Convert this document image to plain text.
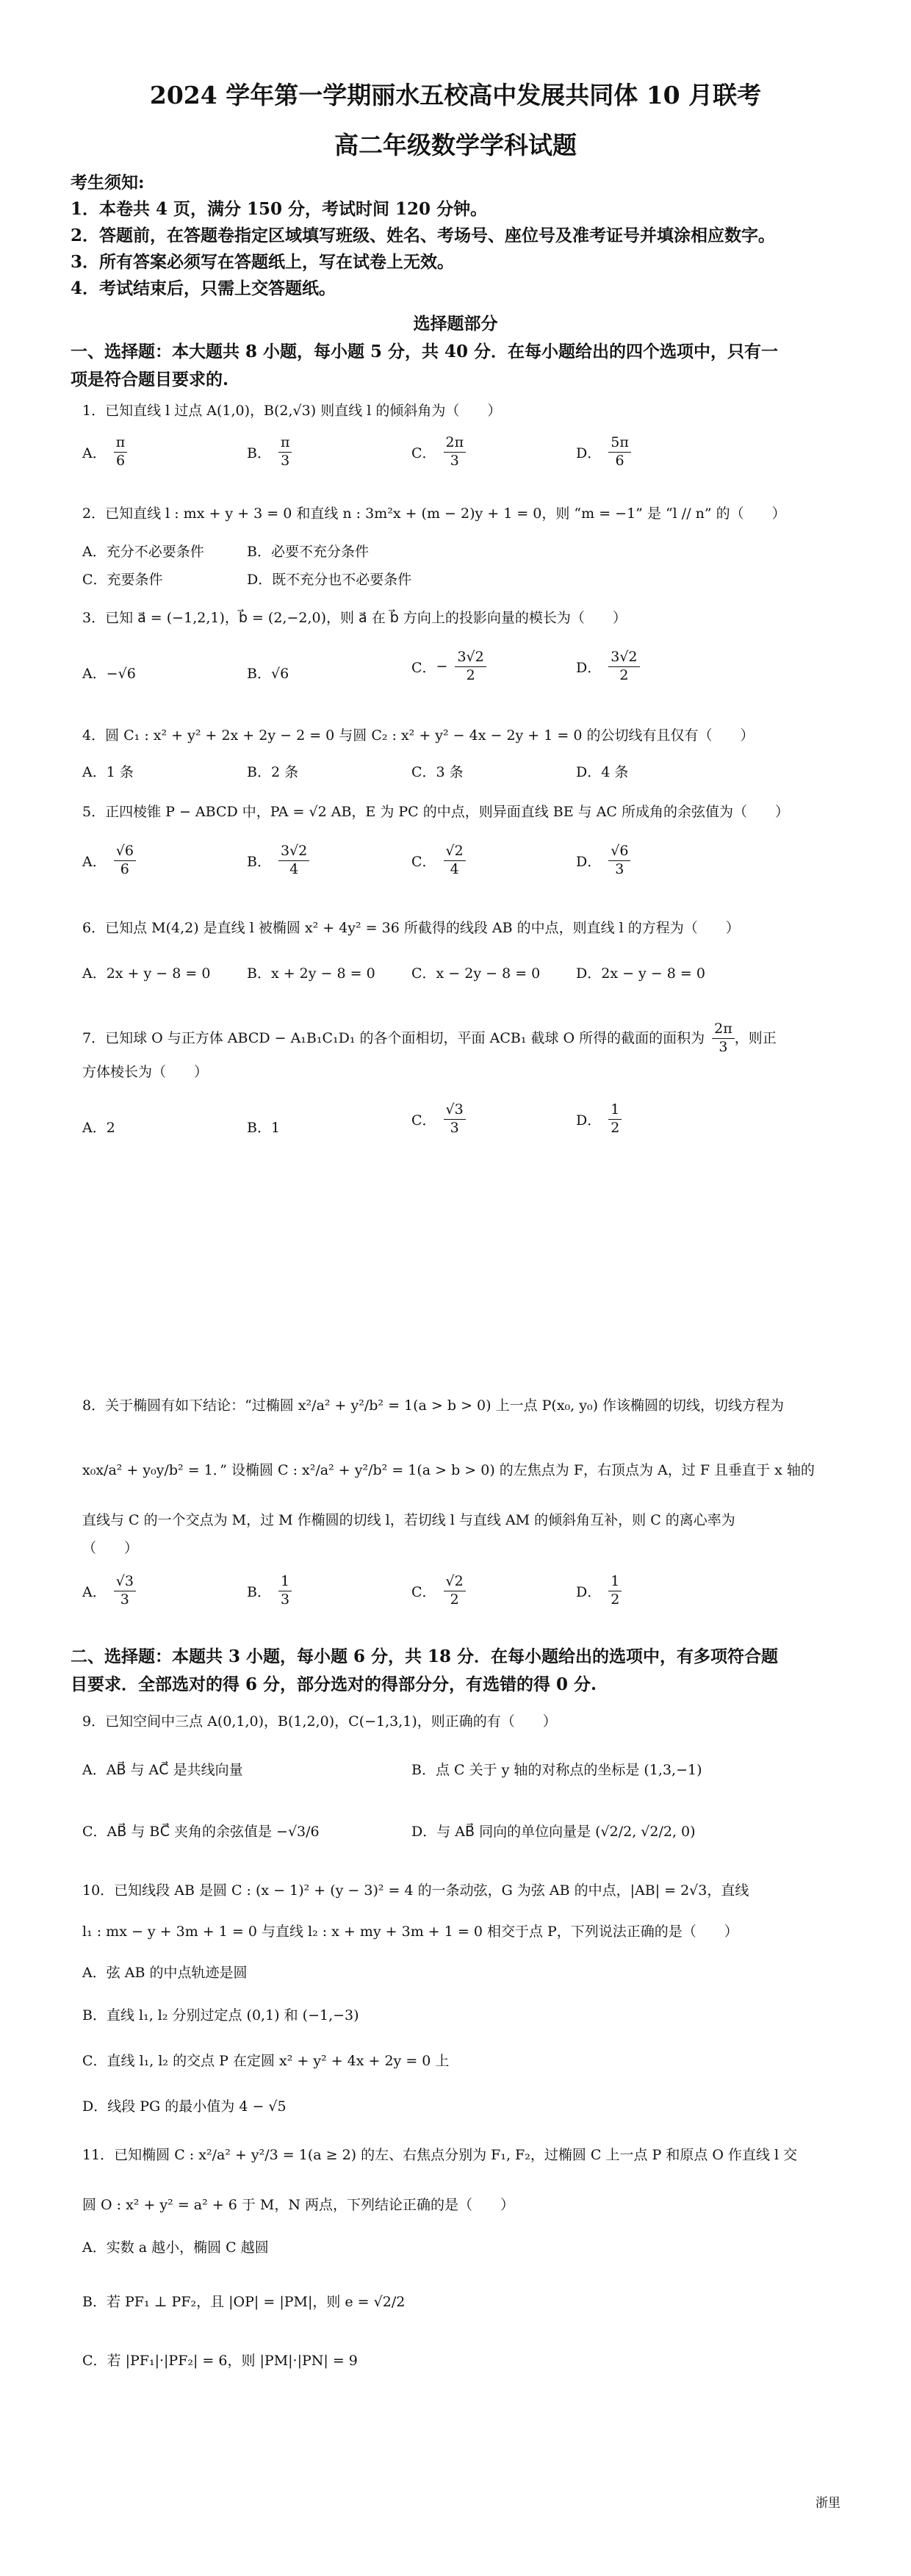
2024 学年第一学期丽水五校高中发展共同体 10 月联考
高二年级数学学科试题
考生须知:
1．本卷共 4 页，满分 150 分，考试时间 120 分钟。
2．答题前，在答题卷指定区域填写班级、姓名、考场号、座位号及准考证号并填涂相应数字。
3．所有答案必须写在答题纸上，写在试卷上无效。
4．考试结束后，只需上交答题纸。
选择题部分
一、选择题：本大题共 8 小题，每小题 5 分，共 40 分．在每小题给出的四个选项中，只有一
项是符合题目要求的.
1．已知直线 l 过点 A(1,0)，B(2,√3) 则直线 l 的倾斜角为（　　）
A． $\frac{\pi}{6}$	B． $\frac{\pi}{3}$	C． $\frac{2\pi}{3}$	D． $\frac{5\pi}{6}$
2．已知直线 l : mx + y + 3 = 0 和直线 n : 3m²x + (m − 2)y + 1 = 0，则 “m = −1” 是 “l // n” 的（　　）
A．充分不必要条件	B．必要不充分条件
C．充要条件	D．既不充分也不必要条件
3．已知 a⃗ = (−1,2,1)，b⃗ = (2,−2,0)，则 a⃗ 在 b⃗ 方向上的投影向量的模长为（　　）
A．−√6	B．√6	C．− $\frac{3√2}{2}$	D． $\frac{3√2}{2}$
4．圆 C₁ : x² + y² + 2x + 2y − 2 = 0 与圆 C₂ : x² + y² − 4x − 2y + 1 = 0 的公切线有且仅有（　　）
A．1 条	B．2 条	C．3 条	D．4 条
5．正四棱锥 P − ABCD 中，PA = √2 AB，E 为 PC 的中点，则异面直线 BE 与 AC 所成角的余弦值为（　　）
A． $\frac{√6}{6}$	B． $\frac{3√2}{4}$	C． $\frac{√2}{4}$	D． $\frac{√6}{3}$
6．已知点 M(4,2) 是直线 l 被椭圆 x² + 4y² = 36 所截得的线段 AB 的中点，则直线 l 的方程为（　　）
A．2x + y − 8 = 0	B．x + 2y − 8 = 0	C．x − 2y − 8 = 0	D．2x − y − 8 = 0
7．已知球 O 与正方体 ABCD − A₁B₁C₁D₁ 的各个面相切，平面 ACB₁ 截球 O 所得的截面的面积为 $\frac{2\pi}{3}$ ，则正
方体棱长为（　　）
A．2	B．1	C． $\frac{√3}{3}$	D． $\frac{1}{2}$
8．关于椭圆有如下结论：“过椭圆 x²/a² + y²/b² = 1(a > b > 0) 上一点 P(x₀, y₀) 作该椭圆的切线，切线方程为
x₀x/a² + y₀y/b² = 1．” 设椭圆 C : x²/a² + y²/b² = 1(a > b > 0) 的左焦点为 F，右顶点为 A，过 F 且垂直于 x 轴的
直线与 C 的一个交点为 M，过 M 作椭圆的切线 l，若切线 l 与直线 AM 的倾斜角互补，则 C 的离心率为
（　　）
A． $\frac{√3}{3}$	B． $\frac{1}{3}$	C． $\frac{√2}{2}$	D． $\frac{1}{2}$
二、选择题：本题共 3 小题，每小题 6 分，共 18 分．在每小题给出的选项中，有多项符合题
目要求．全部选对的得 6 分，部分选对的得部分分，有选错的得 0 分.
9．已知空间中三点 A(0,1,0)，B(1,2,0)，C(−1,3,1)，则正确的有（　　）
A．AB⃗ 与 AC⃗ 是共线向量	B．点 C 关于 y 轴的对称点的坐标是 (1,3,−1)
C．AB⃗ 与 BC⃗ 夹角的余弦值是 −√3/6	D．与 AB⃗ 同向的单位向量是 (√2/2, √2/2, 0)
10．已知线段 AB 是圆 C : (x − 1)² + (y − 3)² = 4 的一条动弦，G 为弦 AB 的中点，|AB| = 2√3，直线
l₁ : mx − y + 3m + 1 = 0 与直线 l₂ : x + my + 3m + 1 = 0 相交于点 P，下列说法正确的是（　　）
A．弦 AB 的中点轨迹是圆
B．直线 l₁, l₂ 分别过定点 (0,1) 和 (−1,−3)
C．直线 l₁, l₂ 的交点 P 在定圆 x² + y² + 4x + 2y = 0 上
D．线段 PG 的最小值为 4 − √5
11．已知椭圆 C : x²/a² + y²/3 = 1(a ≥ 2) 的左、右焦点分别为 F₁, F₂，过椭圆 C 上一点 P 和原点 O 作直线 l 交
圆 O : x² + y² = a² + 6 于 M，N 两点，下列结论正确的是（　　）
A．实数 a 越小，椭圆 C 越圆
B．若 PF₁ ⊥ PF₂，且 |OP| = |PM|，则 e = √2/2
C．若 |PF₁|·|PF₂| = 6，则 |PM|·|PN| = 9
浙里
